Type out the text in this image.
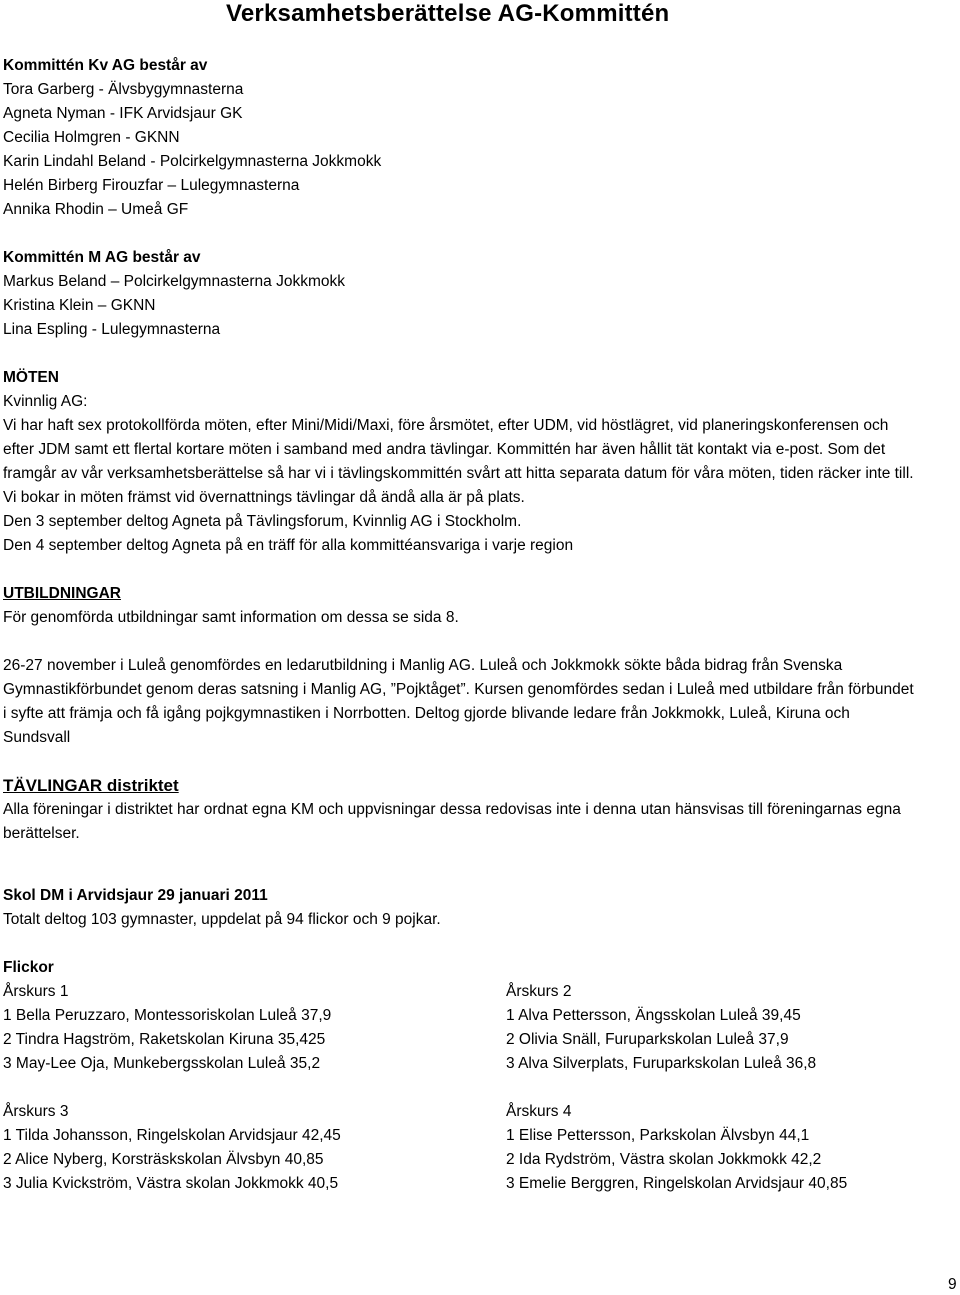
Verksamhetsberättelse AG-Kommittén
Kommittén Kv AG består av
Tora Garberg - Älvsbygymnasterna
Agneta Nyman - IFK Arvidsjaur GK
Cecilia Holmgren - GKNN
Karin Lindahl Beland - Polcirkelgymnasterna Jokkmokk
Helén Birberg Firouzfar – Lulegymnasterna
Annika Rhodin – Umeå GF
Kommittén M AG består av
Markus Beland – Polcirkelgymnasterna Jokkmokk
Kristina Klein – GKNN
Lina Espling - Lulegymnasterna
MÖTEN
Kvinnlig AG:
Vi har haft sex protokollförda möten, efter Mini/Midi/Maxi, före årsmötet, efter UDM, vid höstlägret, vid planeringskonferensen och efter JDM samt ett flertal kortare möten i samband med andra tävlingar. Kommittén har även hållit tät kontakt via e-post. Som det framgår av vår verksamhetsberättelse så har vi i tävlingskommittén svårt att hitta separata datum för våra möten, tiden räcker inte till. Vi bokar in möten främst vid övernattnings tävlingar då ändå alla är på plats.
Den 3 september deltog Agneta på Tävlingsforum, Kvinnlig AG i Stockholm.
Den 4 september deltog Agneta på en träff för alla kommittéansvariga i varje region
UTBILDNINGAR
För genomförda utbildningar samt information om dessa se sida 8.
26-27 november i Luleå genomfördes en ledarutbildning i Manlig AG. Luleå och Jokkmokk sökte båda bidrag från Svenska Gymnastikförbundet genom deras satsning i Manlig AG, ”Pojktåget”. Kursen genomfördes sedan i Luleå med utbildare från förbundet i syfte att främja och få igång pojkgymnastiken i Norrbotten. Deltog gjorde blivande ledare från Jokkmokk, Luleå, Kiruna och Sundsvall
TÄVLINGAR distriktet
Alla föreningar i distriktet har ordnat egna KM och uppvisningar dessa redovisas inte i denna utan hänsvisas till föreningarnas egna berättelser.
Skol DM i Arvidsjaur 29 januari 2011
Totalt deltog 103 gymnaster, uppdelat på 94 flickor och 9 pojkar.
Flickor
Årskurs 1
1 Bella Peruzzaro, Montessoriskolan Luleå 37,9
2 Tindra Hagström, Raketskolan Kiruna 35,425
3 May-Lee Oja, Munkebergsskolan Luleå 35,2
Årskurs 2
1 Alva Pettersson, Ängsskolan Luleå 39,45
2 Olivia Snäll, Furuparkskolan Luleå 37,9
3 Alva Silverplats, Furuparkskolan Luleå 36,8
Årskurs 3
1 Tilda Johansson, Ringelskolan Arvidsjaur 42,45
2 Alice Nyberg, Korsträskskolan Älvsbyn 40,85
3 Julia Kvickström, Västra skolan Jokkmokk 40,5
Årskurs 4
1 Elise Pettersson, Parkskolan Älvsbyn 44,1
2 Ida Rydström, Västra skolan Jokkmokk 42,2
3 Emelie Berggren, Ringelskolan Arvidsjaur 40,85
9
